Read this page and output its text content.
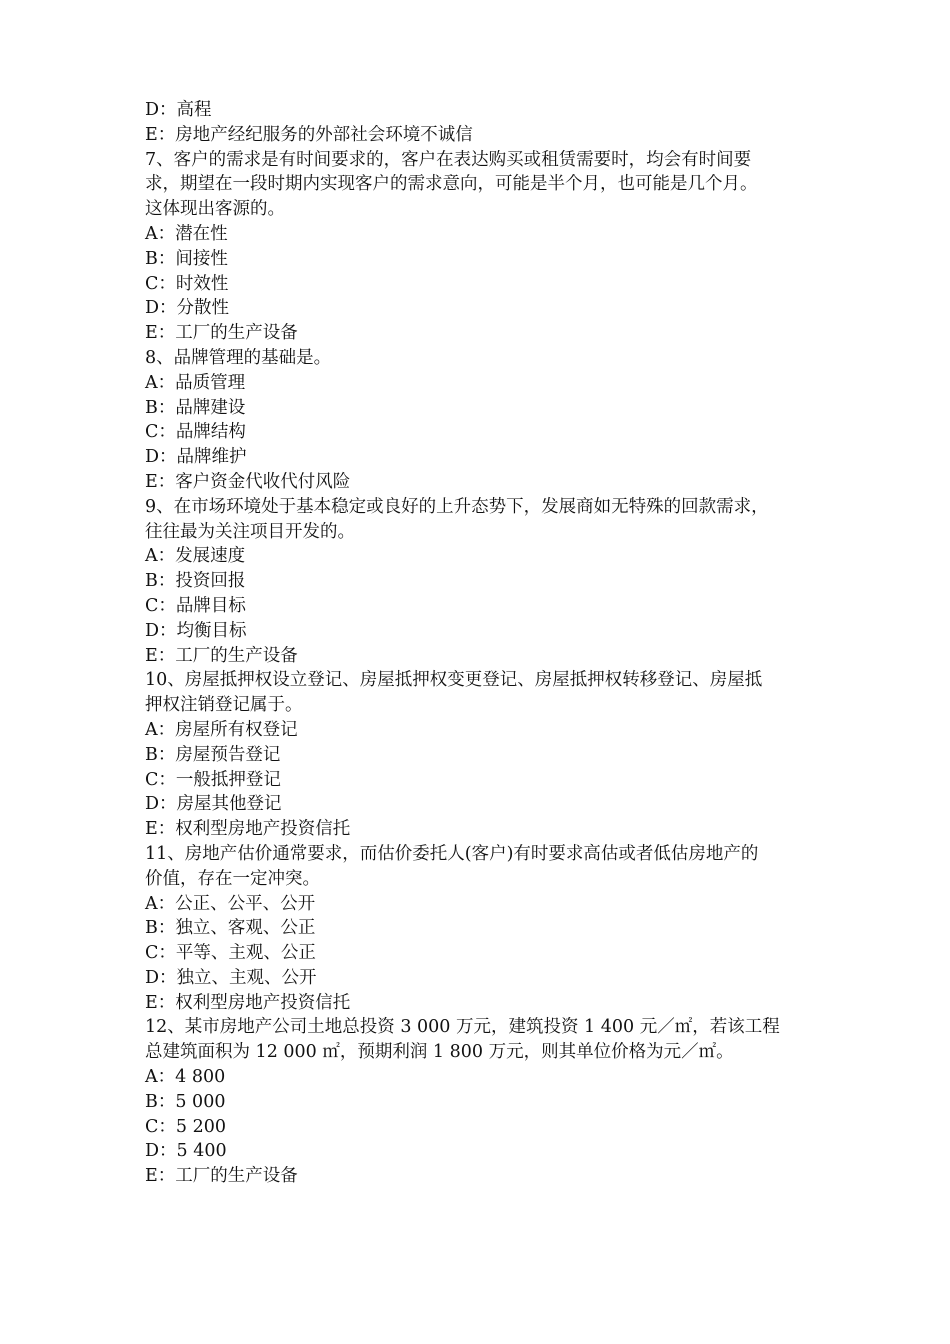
D：高程
E：房地产经纪服务的外部社会环境不诚信
7、客户的需求是有时间要求的，客户在表达购买或租赁需要时，均会有时间要
求，期望在一段时期内实现客户的需求意向，可能是半个月，也可能是几个月。
这体现出客源的。
A：潜在性
B：间接性
C：时效性
D：分散性
E：工厂的生产设备
8、品牌管理的基础是。
A：品质管理
B：品牌建设
C：品牌结构
D：品牌维护
E：客户资金代收代付风险
9、在市场环境处于基本稳定或良好的上升态势下，发展商如无特殊的回款需求，
往往最为关注项目开发的。
A：发展速度
B：投资回报
C：品牌目标
D：均衡目标
E：工厂的生产设备
10、房屋抵押权设立登记、房屋抵押权变更登记、房屋抵押权转移登记、房屋抵
押权注销登记属于。
A：房屋所有权登记
B：房屋预告登记
C：一般抵押登记
D：房屋其他登记
E：权利型房地产投资信托
11、房地产估价通常要求，而估价委托人(客户)有时要求高估或者低估房地产的
价值，存在一定冲突。
A：公正、公平、公开
B：独立、客观、公正
C：平等、主观、公正
D：独立、主观、公开
E：权利型房地产投资信托
12、某市房地产公司土地总投资 3 000 万元，建筑投资 1 400 元／㎡，若该工程
总建筑面积为 12 000 ㎡，预期利润 1 800 万元，则其单位价格为元／㎡。
A：4 800
B：5 000
C：5 200
D：5 400
E：工厂的生产设备
